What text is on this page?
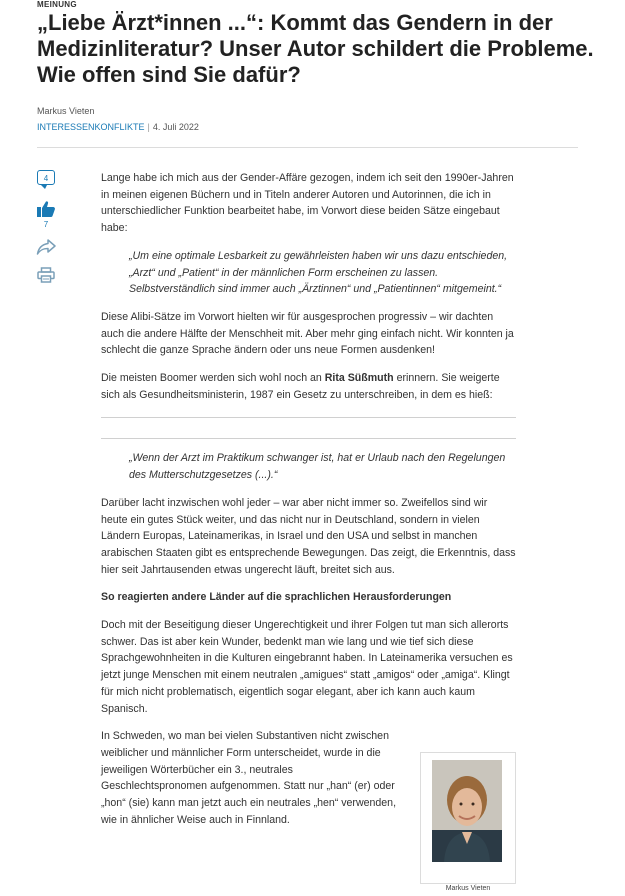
MEINUNG
„Liebe Ärzt*innen ...“: Kommt das Gendern in der Medizinliteratur? Unser Autor schildert die Probleme. Wie offen sind Sie dafür?
Markus Vieten
INTERESSENKONFLIKTE | 4. Juli 2022
4
7

Lange habe ich mich aus der Gender-Affäre gezogen, indem ich seit den 1990er-Jahren in meinen eigenen Büchern und in Titeln anderer Autoren und Autorinnen, die ich in unterschiedlicher Funktion bearbeitet habe, im Vorwort diese beiden Sätze eingebaut habe:

„Um eine optimale Lesbarkeit zu gewährleisten haben wir uns dazu entschieden, „Arzt“ und „Patient“ in der männlichen Form erscheinen zu lassen. Selbstverständlich sind immer auch „Ärztinnen“ und „Patientinnen“ mitgemeint.“

Diese Alibi-Sätze im Vorwort hielten wir für ausgesprochen progressiv – wir dachten auch die andere Hälfte der Menschheit mit. Aber mehr ging einfach nicht. Wir konnten ja schlecht die ganze Sprache ändern oder uns neue Formen ausdenken!

Die meisten Boomer werden sich wohl noch an Rita Süßmuth erinnern. Sie weigerte sich als Gesundheitsministerin, 1987 ein Gesetz zu unterschreiben, in dem es hieß:

„Wenn der Arzt im Praktikum schwanger ist, hat er Urlaub nach den Regelungen des Mutterschutzgesetzes (...).“

Darüber lacht inzwischen wohl jeder – war aber nicht immer so. Zweifellos sind wir heute ein gutes Stück weiter, und das nicht nur in Deutschland, sondern in vielen Ländern Europas, Lateinamerikas, in Israel und den USA und selbst in manchen arabischen Staaten gibt es entsprechende Bewegungen. Das zeigt, die Erkenntnis, dass hier seit Jahrtausenden etwas ungerecht läuft, breitet sich aus.

So reagierten andere Länder auf die sprachlichen Herausforderungen

Doch mit der Beseitigung dieser Ungerechtigkeit und ihrer Folgen tut man sich allerorts schwer. Das ist aber kein Wunder, bedenkt man wie lang und wie tief sich diese Sprachgewohnheiten in die Kulturen eingebrannt haben. In Lateinamerika versuchen es jetzt junge Menschen mit einem neutralen „amigues“ statt „amigos“ oder „amiga“. Klingt für mich nicht problematisch, eigentlich sogar elegant, aber ich kann auch kaum Spanisch.

In Schweden, wo man bei vielen Substantiven nicht zwischen weiblicher und männlicher Form unterscheidet, wurde in die jeweiligen Wörterbücher ein 3., neutrales Geschlechtspronomen aufgenommen. Statt nur „han“ (er) oder „hon“ (sie) kann man jetzt auch ein neutrales „hen“ verwenden, wie in ähnlicher Weise auch in Finnland.

Markus Vieten
